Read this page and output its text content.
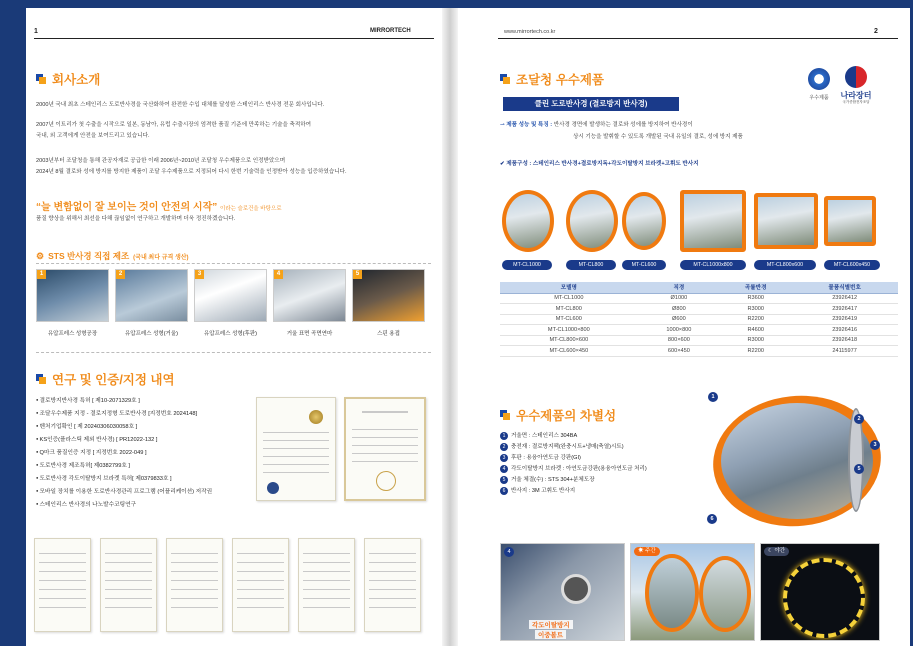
1	MIRRORTECH
회사소개
2000년 국내 최초 스테인리스 도로반사경을 국산화하여 완전한 수입 대체를 달성한 스테인리스 반사경 전문 회사입니다.
2007년 이트리가 첫 수출을 시작으로 일본, 동남아, 유럽 수출시장의 엄격한 품질 기준에 만족하는 기술을 축적하여
국내, 외 고객에게 안전을 보여드리고 있습니다.
2003년부터 조달청을 통해 관공자재로 공급한 이래 2006년~2010년 조달청 우수제품으로 인정받았으며
2024년 8월 결로와 성에 방지를 방지한 제품이 조달 우수제품으로 지정되어 다시 한번 기술력을 인정받아 성능을 입증하였습니다.
“늘 변함없이 잘 보이는 것이 안전의 시작” 이라는 슬로건을 바탕으로
품질 향상을 위해서 최선을 다해 끊임없이 연구하고 개발하며 더욱 정진하겠습니다.
⚙ STS 반사경 직접 제조 (국내 최다 규격 생산)
1
유압프레스 성형공장
2
유압프레스 성형(거울)
3
유압프레스 성형(후판)
4
거울 표면 곡면연마
5
스핀 용접
연구 및 인증/지정 내역
● 결로방지반사경 특허 [ 제10-2071329호 ]
● 조달우수제품 지정 - 결로지정형 도로반사경 [지정번호 2024148]
● 벤처기업확인 [ 제 20240306030058호 ]
● KS인증(플라스틱 제외 반사경) [ PR12022-132 ]
● Q마크 품질인증 지정 [ 지정번호 2022-049 ]
● 도로반사경 제조특허[ 제0382799호 ]
● 도로반사경 각도이탈방지 브라켓 특허[ 제0379833호 ]
● 모바일 장치를 이용한 도로반사경관리 프로그램 (어플리케이션) 저작권
● 스테인리스 반사경의 나노발수코팅연구
www.mirrortech.co.kr	2
조달청 우수제품
우수제품	나라장터
국가종합전자조달
클린 도로반사경 (결로방지 반사경)
⊸ 제품 성능 및 특징 : 반사경 경면에 발생하는 결로와 성에를 방지하여 반사경이
상시 기능을 발휘할 수 있도록 개발된 국내 유일의 결로, 성에 방지 제품
✔ 제품구성 : 스테인리스 반사경+결로방지독+각도이탈방지 브라켓+고휘도 반사지
MT-CL1000	MT-CL800	MT-CL600	MT-CL1000x800	MT-CL800x600	MT-CL600x450
모델명	직경	곡률반경	물품식별번호
MT-CL1000	Ø1000	R3600	23926412
MT-CL800	Ø800	R3000	23926417
MT-CL600	Ø600	R2200	23926419
MT-CL1000×800	1000×800	R4600	23926416
MT-CL800×600	800×600	R3000	23926418
MT-CL600×450	600×450	R2200	24115977
우수제품의 차별성
1 거울면 : 스테인리스 304BA
2 충전재 : 결로방지팩(완충시트+냉매(축열)시트)
3 후판 : 용융아연도금 강판(GI)
4 각도이탈방지 브라켓 : 아연도금강판(용융아연도금 처리)
5 거울 체결(수) : STS 304+분체도장
6 반사지 : 3M 고휘도 반사지
1
2
3
5
6
4
각도이탈방지
이중볼트
☀ 주간	☾ 야간
